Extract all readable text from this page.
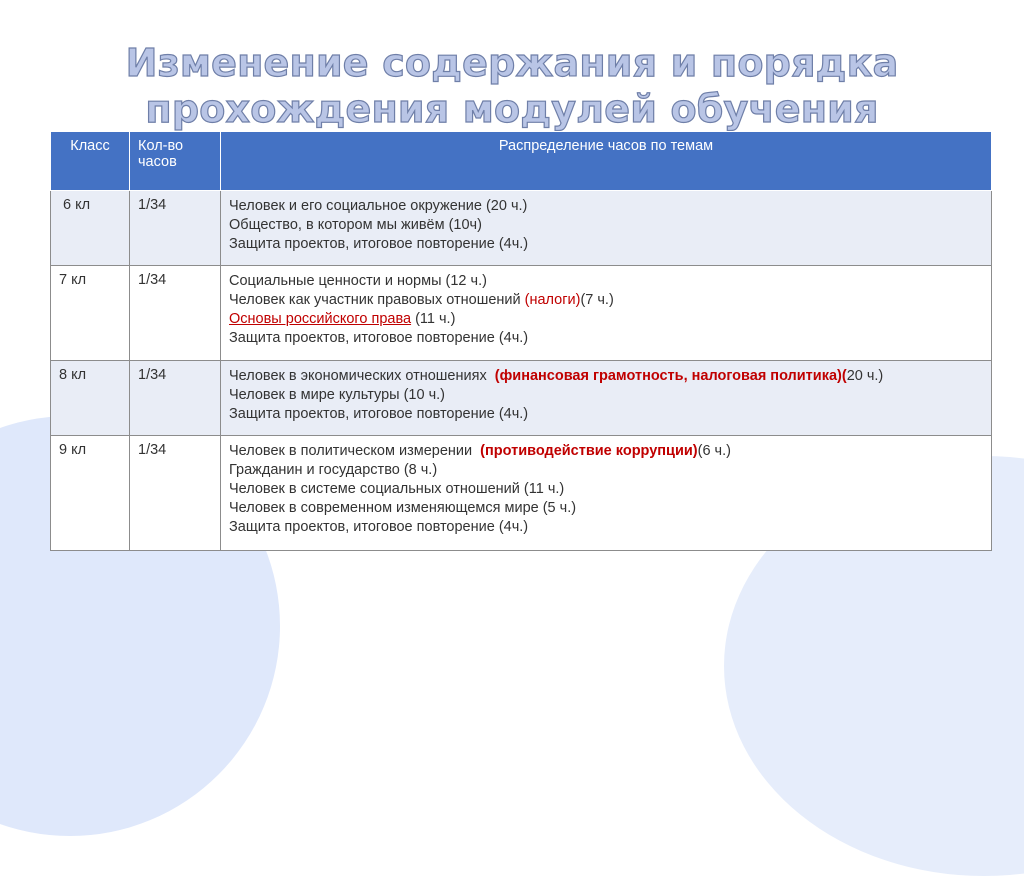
Изменение содержания и порядка
прохождения модулей обучения
Класс	Кол-во часов	Распределение часов по темам
6 кл	1/34	Человек и его социальное окружение (20 ч.)
Общество, в котором мы живём (10ч)
Защита проектов, итоговое повторение (4ч.)

7 кл	1/34	Социальные ценности и нормы (12 ч.)
Человек как участник правовых отношений (налоги)(7 ч.)
Основы российского права (11 ч.)
Защита проектов, итоговое повторение (4ч.)

8 кл	1/34	Человек в экономических отношениях  (финансовая грамотность, налоговая политика)(20 ч.)
Человек в мире культуры (10 ч.)
Защита проектов, итоговое повторение (4ч.)

9 кл	1/34	Человек в политическом измерении  (противодействие коррупции)(6 ч.)
Гражданин и государство (8 ч.)
Человек в системе социальных отношений (11 ч.)
Человек в современном изменяющемся мире (5 ч.)
Защита проектов, итоговое повторение (4ч.)
